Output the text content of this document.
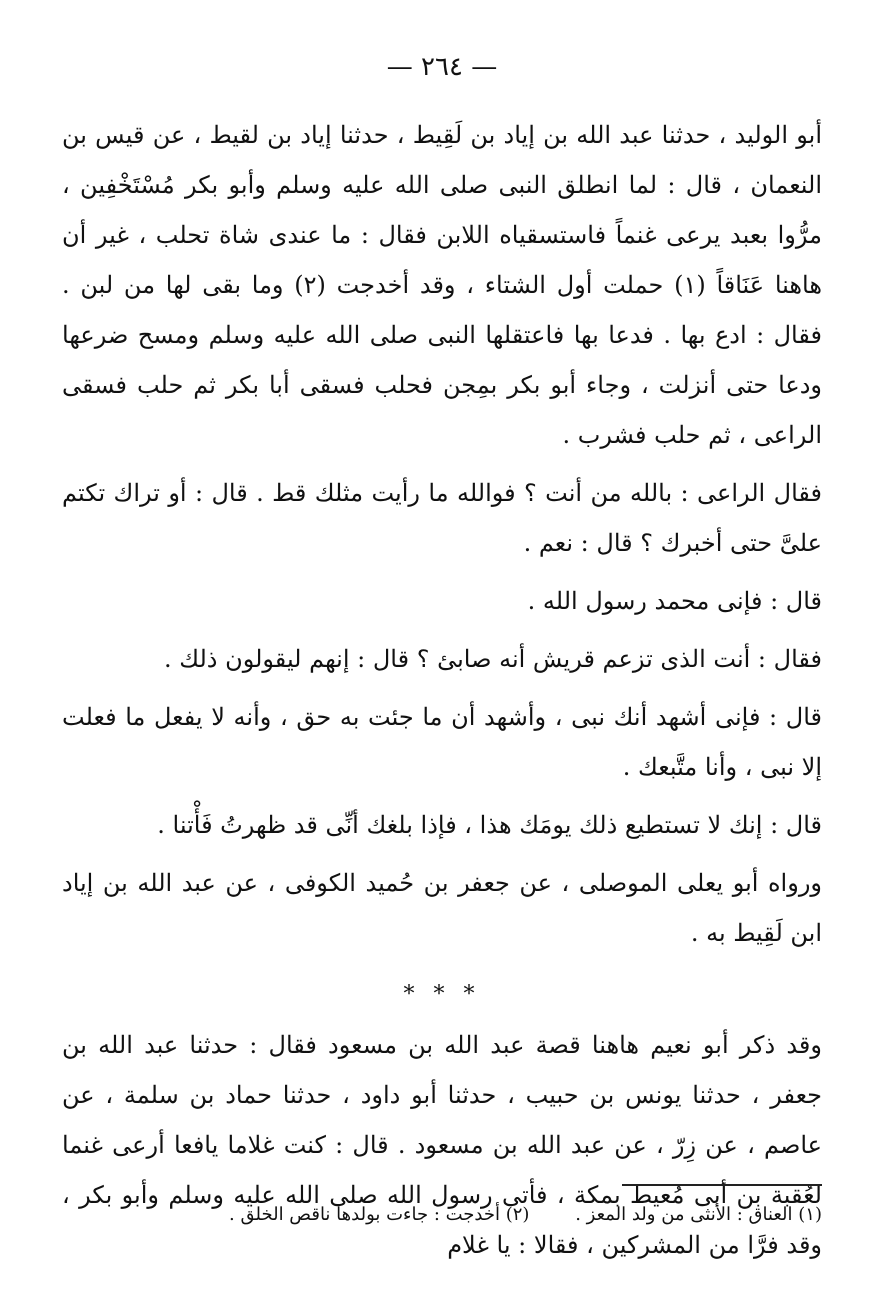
— ٢٦٤ —

أبو الوليد ، حدثنا عبد الله بن إياد بن لَقِيط ، حدثنا إياد بن لقيط ، عن قيس بن النعمان ، قال : لما انطلق النبى صلى الله عليه وسلم وأبو بكر مُسْتَخْفِين ، مرُّوا بعبد يرعى غنماً فاستسقياه اللابن فقال : ما عندى شاة تحلب ، غير أن هاهنا عَنَاقاً (١) حملت أول الشتاء ، وقد أخدجت (٢) وما بقى لها من لبن . فقال : ادع بها . فدعا بها فاعتقلها النبى صلى الله عليه وسلم ومسح ضرعها ودعا حتى أنزلت ، وجاء أبو بكر بمِجن فحلب فسقى أبا بكر ثم حلب فسقى الراعى ، ثم حلب فشرب .

فقال الراعى : بالله من أنت ؟ فوالله ما رأيت مثلك قط . قال : أو تراك تكتم علىَّ حتى أخبرك ؟ قال : نعم .

قال : فإنى محمد رسول الله .

فقال : أنت الذى تزعم قريش أنه صابئ ؟ قال : إنهم ليقولون ذلك .

قال : فإنى أشهد أنك نبى ، وأشهد أن ما جئت به حق ، وأنه لا يفعل ما فعلت إلا نبى ، وأنا متَّبعك .

قال : إنك لا تستطيع ذلك يومَك هذا ، فإذا بلغك أنِّى قد ظهرتُ فَأْتنا .

ورواه أبو يعلى الموصلى ، عن جعفر بن حُميد الكوفى ، عن عبد الله بن إياد ابن لَقِيط به .

* * *

وقد ذكر أبو نعيم هاهنا قصة عبد الله بن مسعود فقال : حدثنا عبد الله بن جعفر ، حدثنا يونس بن حبيب ، حدثنا أبو داود ، حدثنا حماد بن سلمة ، عن عاصم ، عن زِرّ ، عن عبد الله بن مسعود . قال : كنت غلاما يافعا أرعى غنما لعُقبة بن أبى مُعيط بمكة ، فأتى رسول الله صلى الله عليه وسلم وأبو بكر ، وقد فرَّا من المشركين ، فقالا : يا غلام

(١) العناق : الأنثى من ولد المعز . (٢) أخدجت : جاءت بولدها ناقص الخلق .
